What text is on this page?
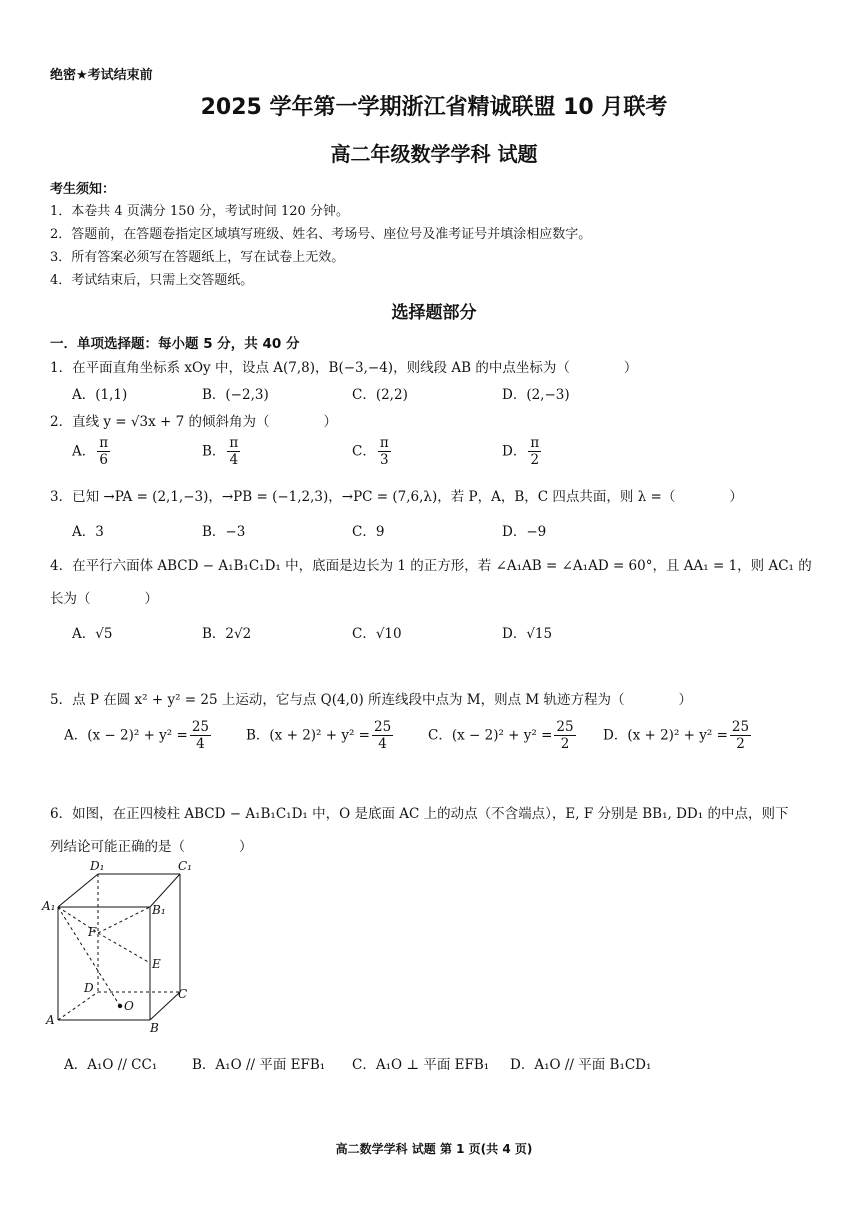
绝密★考试结束前
2025 学年第一学期浙江省精诚联盟 10 月联考
高二年级数学学科 试题
考生须知：
1．本卷共 4 页满分 150 分，考试时间 120 分钟。
2．答题前，在答题卷指定区域填写班级、姓名、考场号、座位号及准考证号并填涂相应数字。
3．所有答案必须写在答题纸上，写在试卷上无效。
4．考试结束后，只需上交答题纸。
选择题部分
一．单项选择题：每小题 5 分，共 40 分
1．在平面直角坐标系 xOy 中，设点 A(7,8)，B(−3,−4)，则线段 AB 的中点坐标为（　　　　）
A．(1,1)	B．(−2,3)	C．(2,2)	D．(2,−3)
2．直线 y = √3x + 7 的倾斜角为（　　　　）
A． $\frac{\pi}{6}$	B． $\frac{\pi}{4}$	C． $\frac{\pi}{3}$	D． $\frac{\pi}{2}$
3．已知 →PA = (2,1,−3)，→PB = (−1,2,3)，→PC = (7,6,λ)，若 P，A，B，C 四点共面，则 λ =（　　　　）
A．3	B．−3	C．9	D．−9
4．在平行六面体 ABCD − A₁B₁C₁D₁ 中，底面是边长为 1 的正方形，若 ∠A₁AB = ∠A₁AD = 60°，且 AA₁ = 1，则 AC₁ 的
长为（　　　　）
A．√5	B．2√2	C．√10	D．√15
5．点 P 在圆 x² + y² = 25 上运动，它与点 Q(4,0) 所连线段中点为 M，则点 M 轨迹方程为（　　　　）
A．$(x - 2)^2 + y^2 = \frac{25}{4}$	B．$(x + 2)^2 + y^2 = \frac{25}{4}$	C．$(x - 2)^2 + y^2 = \frac{25}{2}$ D．$(x + 2)^2 + y^2 = \frac{25}{2}$
6．如图，在正四棱柱 ABCD − A₁B₁C₁D₁ 中，O 是底面 AC 上的动点（不含端点），E, F 分别是 BB₁, DD₁ 的中点，则下
列结论可能正确的是（　　　　）
D₁	C₁
A₁	B₁
F
E
D	C
O
A
B
A．A₁O // CC₁	B．A₁O // 平面 EFB₁ C．A₁O ⊥ 平面 EFB₁ D．A₁O // 平面 B₁CD₁
高二数学学科 试题 第 1 页(共 4 页)
